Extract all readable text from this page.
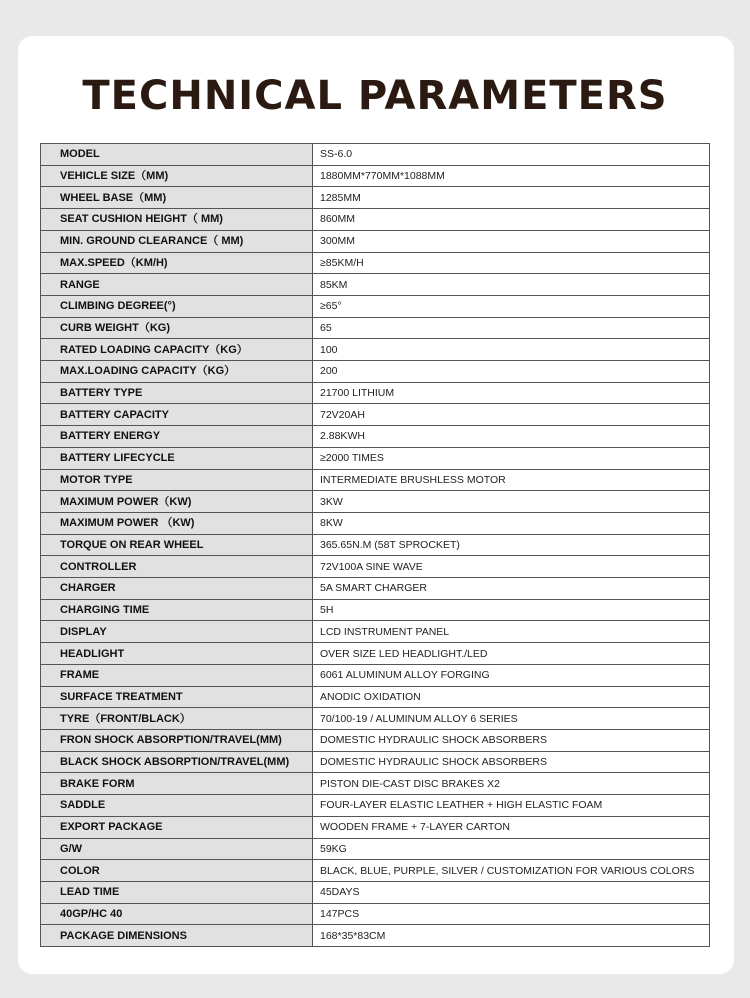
TECHNICAL PARAMETERS
MODEL	SS-6.0
VEHICLE SIZE（MM)	1880MM*770MM*1088MM
WHEEL BASE（MM)	1285MM
SEAT CUSHION HEIGHT（ MM)	860MM
MIN. GROUND CLEARANCE（ MM)	300MM
MAX.SPEED（KM/H)	≥85KM/H
RANGE	85KM
CLIMBING DEGREE(°)	≥65°
CURB WEIGHT（KG)	65
RATED LOADING CAPACITY（KG）	100
MAX.LOADING CAPACITY（KG）	200
BATTERY TYPE	21700 LITHIUM
BATTERY CAPACITY	72V20AH
BATTERY ENERGY	2.88KWH
BATTERY LIFECYCLE	≥2000 TIMES
MOTOR TYPE	INTERMEDIATE BRUSHLESS MOTOR
MAXIMUM POWER（KW)	3KW
MAXIMUM POWER （KW)	8KW
TORQUE ON REAR WHEEL	365.65N.M (58T SPROCKET)
CONTROLLER	72V100A SINE WAVE
CHARGER	5A SMART CHARGER
CHARGING TIME	5H
DISPLAY	LCD INSTRUMENT PANEL
HEADLIGHT	OVER SIZE LED HEADLIGHT./LED
FRAME	6061 ALUMINUM ALLOY FORGING
SURFACE TREATMENT	ANODIC OXIDATION
TYRE（FRONT/BLACK）	70/100-19 / ALUMINUM ALLOY 6 SERIES
FRON SHOCK ABSORPTION/TRAVEL(MM)	DOMESTIC HYDRAULIC SHOCK ABSORBERS
BLACK SHOCK ABSORPTION/TRAVEL(MM)	DOMESTIC HYDRAULIC SHOCK ABSORBERS
BRAKE FORM	PISTON DIE-CAST DISC BRAKES X2
SADDLE	FOUR-LAYER ELASTIC LEATHER + HIGH ELASTIC FOAM
EXPORT PACKAGE	WOODEN FRAME + 7-LAYER CARTON
G/W	59KG
COLOR	BLACK, BLUE, PURPLE, SILVER / CUSTOMIZATION FOR VARIOUS COLORS
LEAD TIME	45DAYS
40GP/HC 40	147PCS
PACKAGE DIMENSIONS	168*35*83CM
